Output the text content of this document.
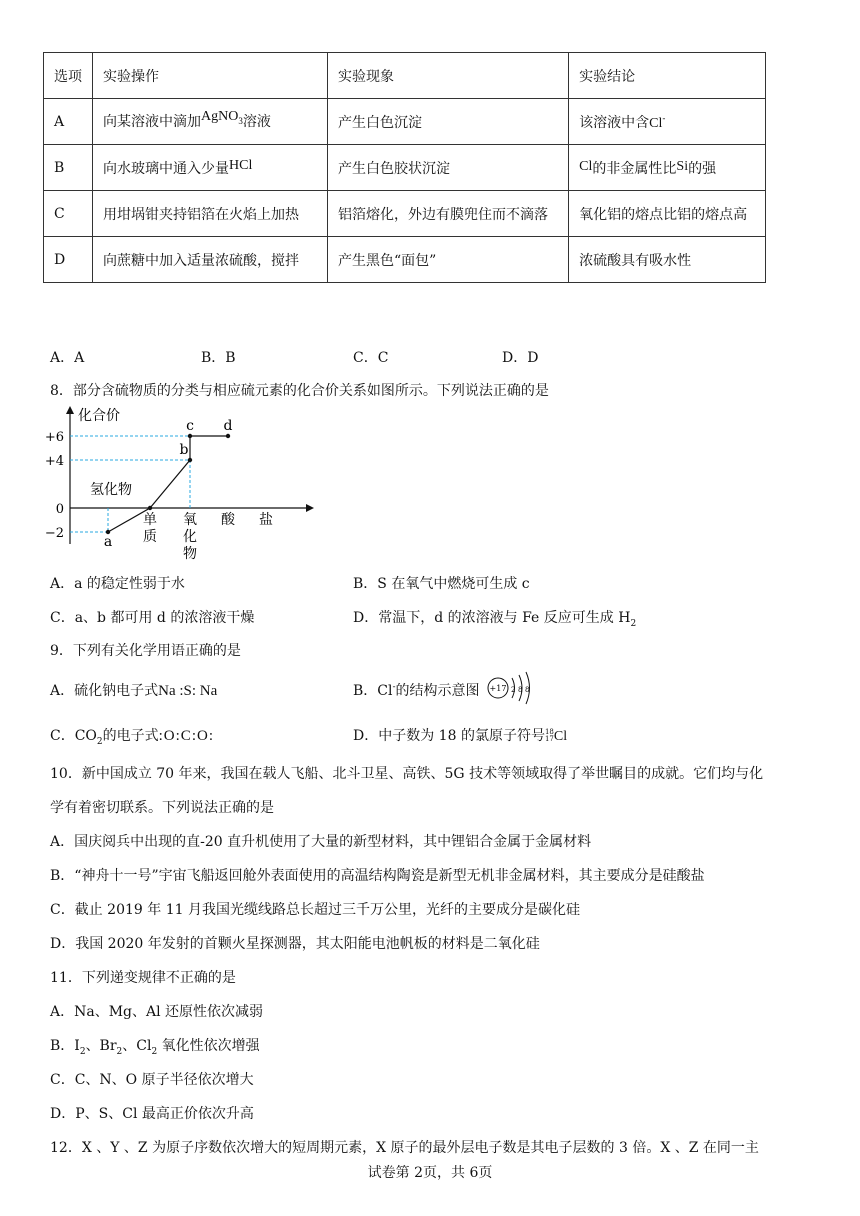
选项	实验操作	实验现象	实验结论
A	向某溶液中滴加AgNO$_3$溶液	产生白色沉淀	该溶液中含Cl-
B	向水玻璃中通入少量HCl	产生白色胶状沉淀	Cl的非金属性比Si的强
C	用坩埚钳夹持铝箔在火焰上加热	铝箔熔化，外边有膜兜住而不滴落	氧化铝的熔点比铝的熔点高
D	向蔗糖中加入适量浓硫酸，搅拌	产生黑色“面包”	浓硫酸具有吸水性
A．A	B．B	C．C	D．D
8．部分含硫物质的分类与相应硫元素的化合价关系如图所示。下列说法正确的是
化合价
+6
+4
0
−2
氢化物
单
质
氧
化
物
酸 盐
a
b
c d
A．a 的稳定性弱于水	B．S 在氧气中燃烧可生成 c
C．a、b 都可用 d 的浓溶液干燥	D．常温下，d 的浓溶液与 Fe 反应可生成 $H_2$
9．下列有关化学用语正确的是
A．硫化钠电子式Na :S: Na	B．Cl-的结构示意图 +17 2 8 8
C．$CO_2$的电子式:O:C:O:	D．中子数为 18 的氯原子符号18
17Cl
10．新中国成立 70 年来，我国在载人飞船、北斗卫星、高铁、5G 技术等领域取得了举世瞩目的成就。它们均与化
学有着密切联系。下列说法正确的是
A．国庆阅兵中出现的直-20 直升机使用了大量的新型材料，其中锂铝合金属于金属材料
B．“神舟十一号”宇宙飞船返回舱外表面使用的高温结构陶瓷是新型无机非金属材料，其主要成分是硅酸盐
C．截止 2019 年 11 月我国光缆线路总长超过三千万公里，光纤的主要成分是碳化硅
D．我国 2020 年发射的首颗火星探测器，其太阳能电池帆板的材料是二氧化硅
11．下列递变规律不正确的是
A．Na、Mg、Al 还原性依次减弱
B．$I_2$、$Br_2$、$Cl_2$ 氧化性依次增强
C．C、N、O 原子半径依次增大
D．P、S、Cl 最高正价依次升高
12．X 、Y 、Z 为原子序数依次增大的短周期元素，X 原子的最外层电子数是其电子层数的 3 倍。X 、Z 在同一主
试卷第 2页，共 6页
